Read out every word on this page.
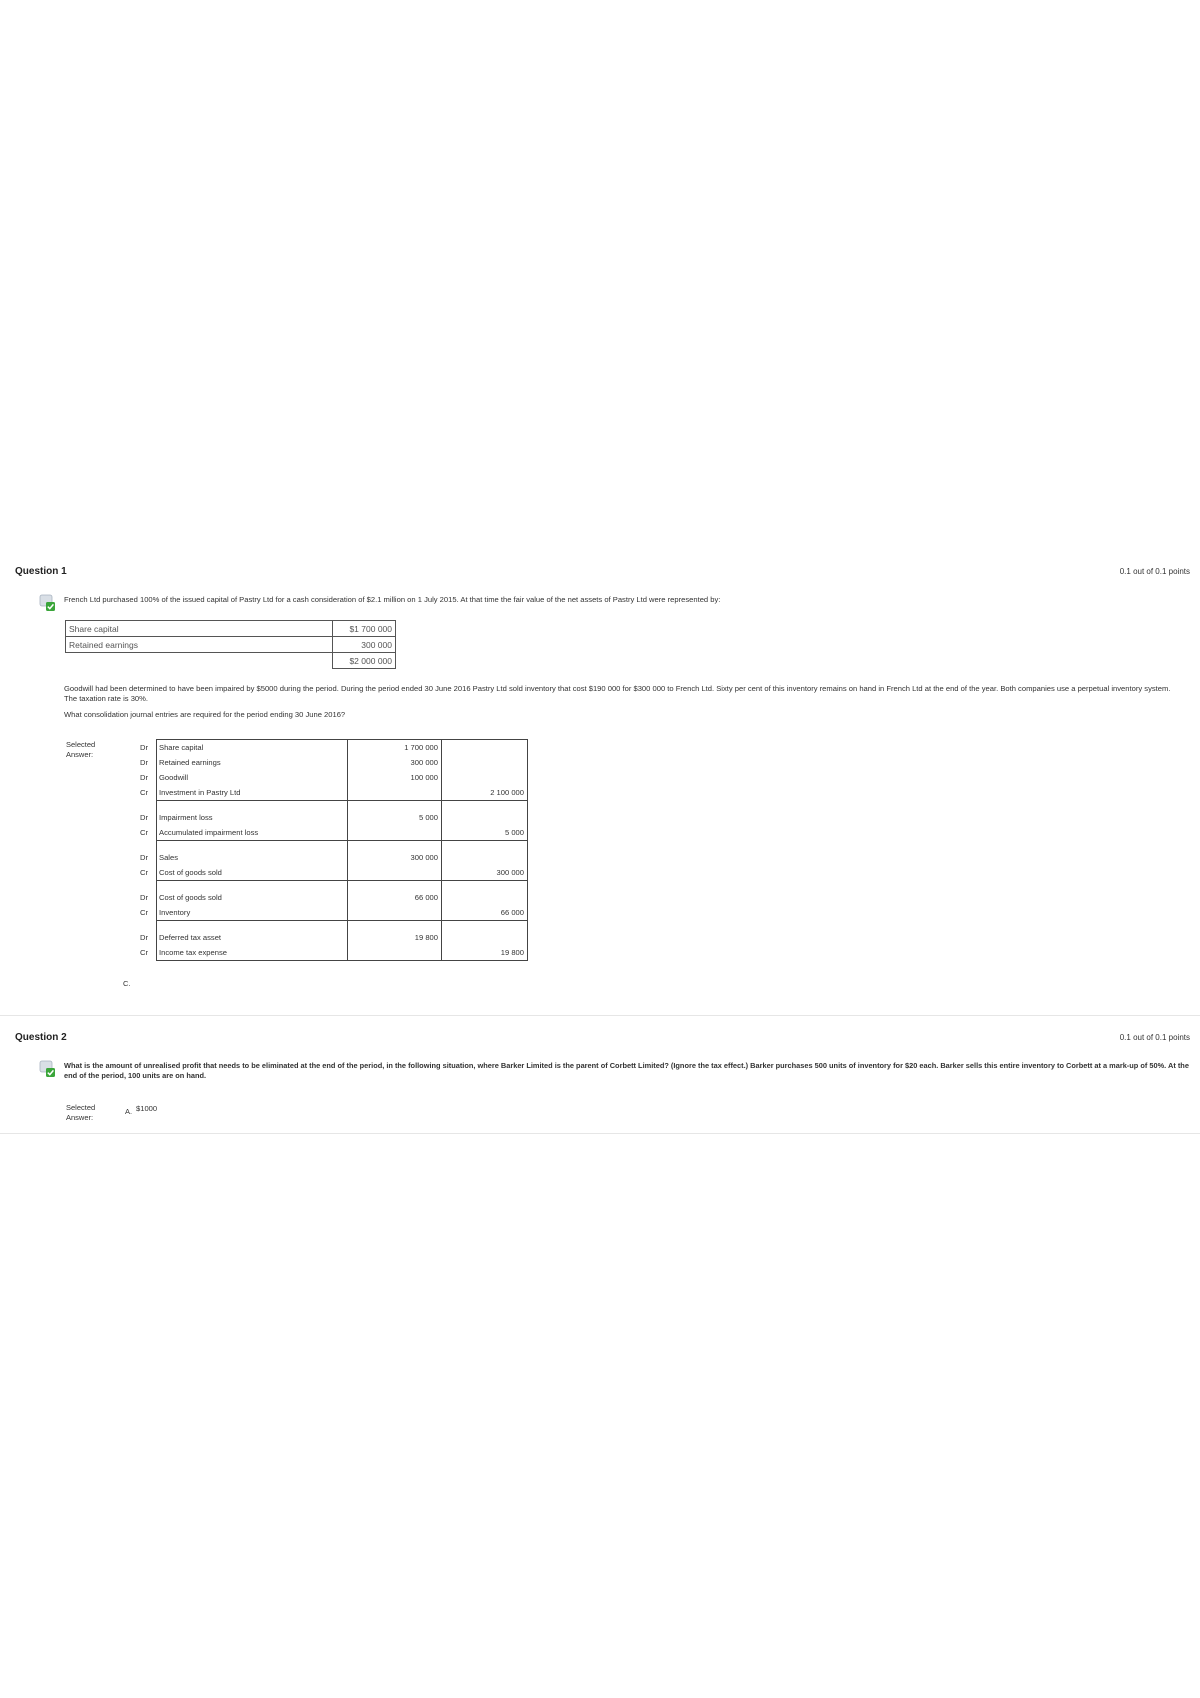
Question 1	0.1 out of 0.1 points
French Ltd purchased 100% of the issued capital of Pastry Ltd for a cash consideration of $2.1 million on 1 July 2015. At that time the fair value of the net assets of Pastry Ltd were represented by:
Share capital	$1 700 000
Retained earnings	300 000
	$2 000 000
Goodwill had been determined to have been impaired by $5000 during the period. During the period ended 30 June 2016 Pastry Ltd sold inventory that cost $190 000 for $300 000 to French Ltd. Sixty per cent of this inventory remains on hand in French Ltd at the end of the year. Both companies use a perpetual inventory system. The taxation rate is 30%.
What consolidation journal entries are required for the period ending 30 June 2016?
Selected
Answer:
C.
Dr	Share capital	1 700 000	
Dr	Retained earnings	300 000	
Dr	Goodwill	100 000	
Cr	Investment in Pastry Ltd		2 100 000

Dr	Impairment loss	5 000	
Cr	Accumulated impairment loss		5 000

Dr	Sales	300 000	
Cr	Cost of goods sold		300 000

Dr	Cost of goods sold	66 000	
Cr	Inventory		66 000

Dr	Deferred tax asset	19 800	
Cr	Income tax expense		19 800
Question 2	0.1 out of 0.1 points
What is the amount of unrealised profit that needs to be eliminated at the end of the period, in the following situation, where Barker Limited is the parent of Corbett Limited? (Ignore the tax effect.) Barker purchases 500 units of inventory for $20 each. Barker sells this entire inventory to Corbett at a mark-up of 50%. At the end of the period, 100 units are on hand.
Selected
Answer:
A. $1000
